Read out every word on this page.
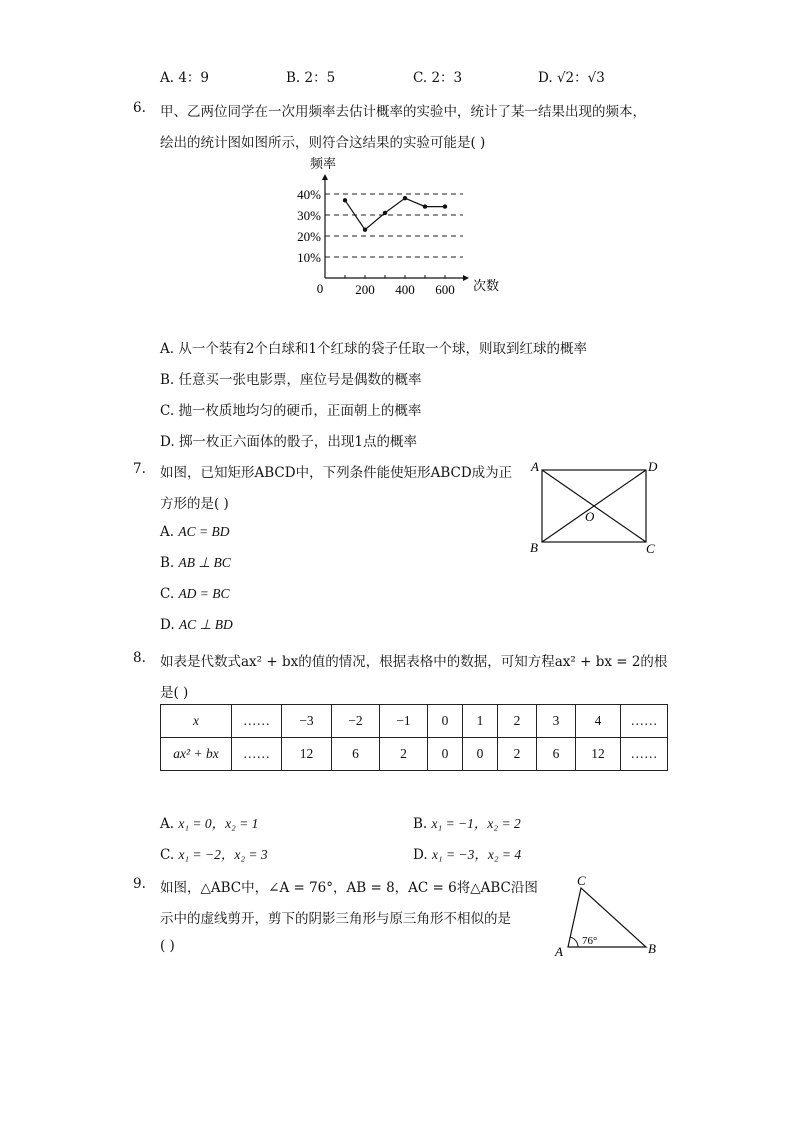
A. 4：9	B. 2：5	C. 2：3	D. √2：√3
6. 甲、乙两位同学在一次用频率去估计概率的实验中，统计了某一结果出现的频本，
绘出的统计图如图所示，则符合这结果的实验可能是( )
10%
20%
30%
40%
频率
次数
0 200 400 600
A. 从一个装有2个白球和1个红球的袋子任取一个球，则取到红球的概率
B. 任意买一张电影票，座位号是偶数的概率
C. 抛一枚质地均匀的硬币，正面朝上的概率
D. 掷一枚正六面体的骰子，出现1点的概率
7. 如图，已知矩形ABCD中，下列条件能使矩形ABCD成为正
方形的是( )
A	D
B	C
O
A. AC = BD
B. AB ⊥ BC
C. AD = BC
D. AC ⊥ BD
8. 如表是代数式ax² + bx的值的情况，根据表格中的数据，可知方程ax² + bx = 2的根
是( )
x	……	−3	−2	−1	0	1	2	3	4	……
ax² + bx	……	12	6	2	0	0	2	6	12	……
A. x₁ = 0，x₂ = 1	B. x₁ = −1，x₂ = 2
C. x₁ = −2，x₂ = 3	D. x₁ = −3，x₂ = 4
9. 如图，△ABC中，∠A = 76°，AB = 8，AC = 6将△ABC沿图
示中的虚线剪开，剪下的阴影三角形与原三角形不相似的是
( )
C
A	B
76°
